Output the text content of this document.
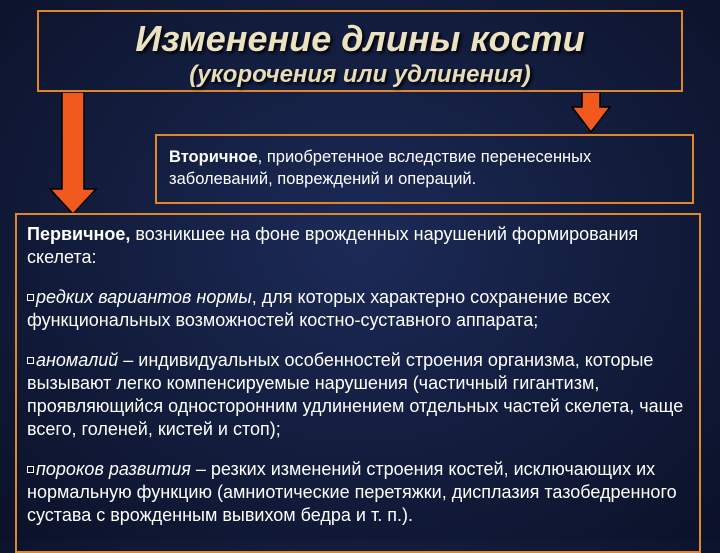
Изменение длины кости
(укорочения или удлинения)
Вторичное, приобретенное вследствие перенесенных заболеваний, повреждений и операций.

Первичное, возникшее на фоне врожденных нарушений формирования скелета:

редких вариантов нормы, для которых характерно сохранение всех функциональных возможностей костно-суставного аппарата;

аномалий – индивидуальных особенностей строения организма, которые вызывают легко компенсируемые нарушения (частичный гигантизм, проявляющийся односторонним удлинением отдельных частей скелета, чаще всего, голеней, кистей и стоп);

пороков развития – резких изменений строения костей, исключающих их нормальную функцию (амниотические перетяжки, дисплазия тазобедренного сустава с врожденным вывихом бедра и т. п.).
